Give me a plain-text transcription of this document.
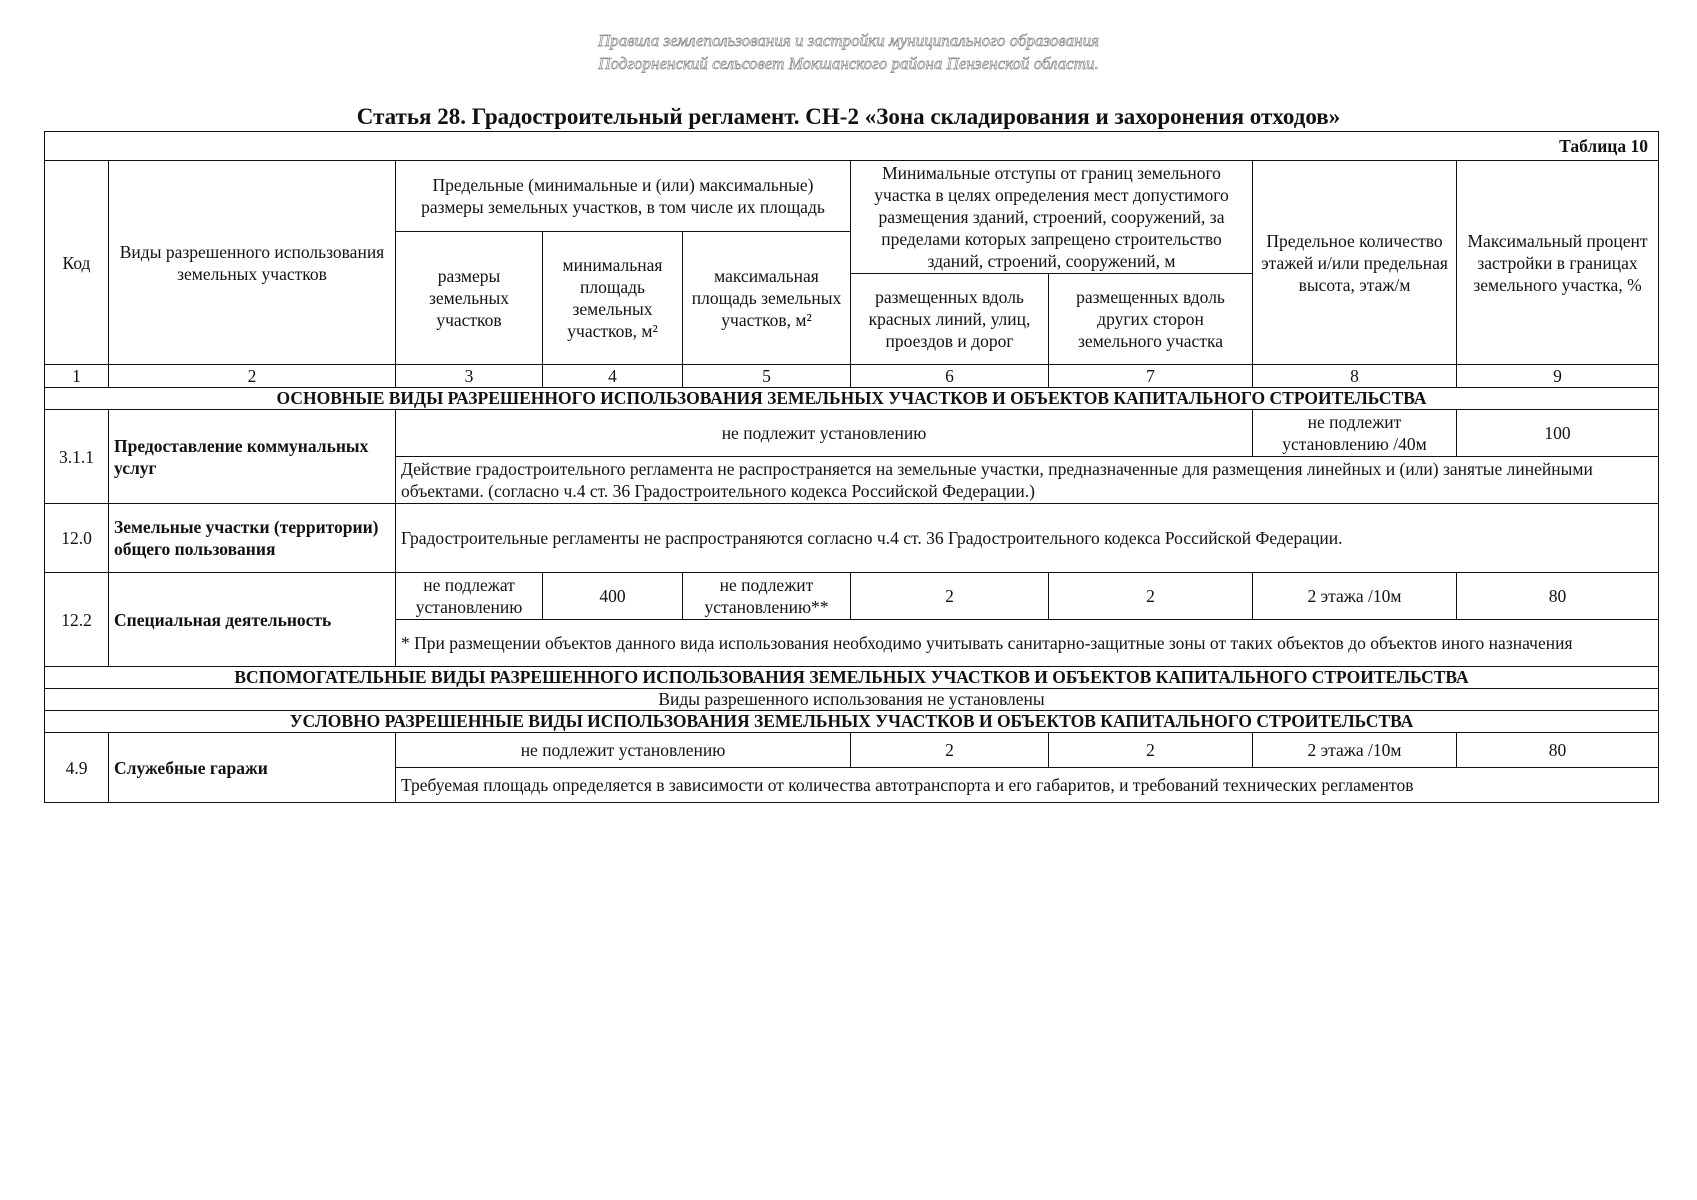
Правила землепользования и застройки муниципального образования
Подгорненский сельсовет Мокшанского района Пензенской области.
Статья 28. Градостроительный регламент. СН-2 «Зона складирования и захоронения отходов»
Таблица 10								
Код	Виды разрешенного использования земельных участков	Предельные (минимальные и (или) максимальные) размеры земельных участков, в том числе их площадь			Минимальные отступы от границ земельного участка в целях определения мест допустимого размещения зданий, строений, сооружений, за пределами которых запрещено строительство зданий, строений, сооружений, м		Предельное количество этажей и/или предельная высота, этаж/м	Максимальный процент застройки в границах земельного участка, %
		размеры земельных участков	минимальная площадь земельных участков, м²	максимальная площадь земельных участков, м²				
					размещенных вдоль красных линий, улиц, проездов и дорог	размещенных вдоль других сторон земельного участка		
1	2	3	4	5	6	7	8	9
ОСНОВНЫЕ ВИДЫ РАЗРЕШЕННОГО ИСПОЛЬЗОВАНИЯ ЗЕМЕЛЬНЫХ УЧАСТКОВ И ОБЪЕКТОВ КАПИТАЛЬНОГО СТРОИТЕЛЬСТВА								
3.1.1	Предоставление коммунальных услуг	не подлежит установлению					не подлежит установлению /40м	100
		Действие градостроительного регламента не распространяется на земельные участки, предназначенные для размещения линейных и (или) занятые линейными объектами. (согласно ч.4 ст. 36 Градостроительного кодекса Российской Федерации.)						
12.0	Земельные участки (территории) общего пользования	Градостроительные регламенты не распространяются согласно ч.4 ст. 36 Градостроительного кодекса Российской Федерации.						
12.2	Специальная деятельность	не подлежат установлению	400	не подлежит установлению**	2	2	2 этажа /10м	80
		* При размещении объектов данного вида использования необходимо учитывать санитарно-защитные зоны от таких объектов до объектов иного назначения						
ВСПОМОГАТЕЛЬНЫЕ ВИДЫ РАЗРЕШЕННОГО ИСПОЛЬЗОВАНИЯ ЗЕМЕЛЬНЫХ УЧАСТКОВ И ОБЪЕКТОВ КАПИТАЛЬНОГО СТРОИТЕЛЬСТВА								
Виды разрешенного использования не установлены								
УСЛОВНО РАЗРЕШЕННЫЕ ВИДЫ ИСПОЛЬЗОВАНИЯ ЗЕМЕЛЬНЫХ УЧАСТКОВ И ОБЪЕКТОВ КАПИТАЛЬНОГО СТРОИТЕЛЬСТВА								
4.9	Служебные гаражи	не подлежит установлению			2	2	2 этажа /10м	80
		Требуемая площадь определяется в зависимости от количества автотранспорта и его габаритов, и требований технических регламентов						
